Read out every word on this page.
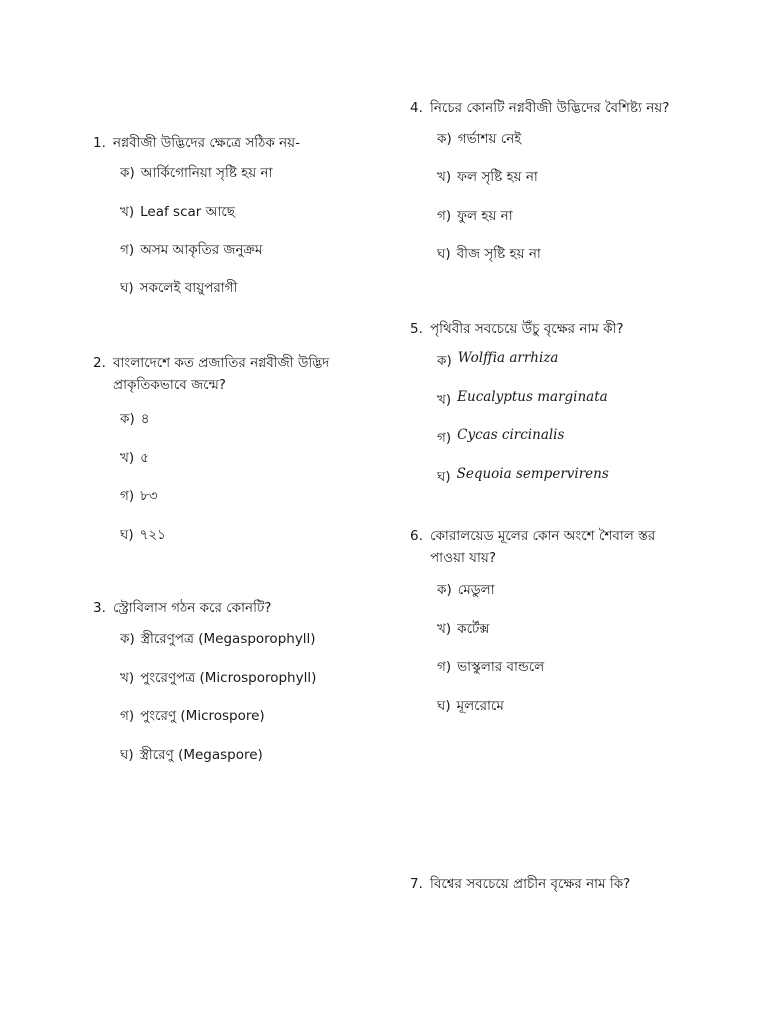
1. নগ্নবীজী উদ্ভিদের ক্ষেত্রে সঠিক নয়-
ক) আর্কিগোনিয়া সৃষ্টি হয় না
খ) Leaf scar আছে
গ) অসম আকৃতির জনুক্রম
ঘ) সকলেই বায়ুপরাগী
2. বাংলাদেশে কত প্রজাতির নগ্নবীজী উদ্ভিদ
প্রাকৃতিকভাবে জন্মে?
ক) ৪
খ) ৫
গ) ৮৩
ঘ) ৭২১
3. স্ট্রোবিলাস গঠন করে কোনটি?
ক) স্ত্রীরেণুপত্র (Megasporophyll)
খ) পুংরেণুপত্র (Microsporophyll)
গ) পুংরেণু (Microspore)
ঘ) স্ত্রীরেণু (Megaspore)
4. নিচের কোনটি নগ্নবীজী উদ্ভিদের বৈশিষ্ট্য নয়?
ক) গর্ভাশয় নেই
খ) ফল সৃষ্টি হয় না
গ) ফুল হয় না
ঘ) বীজ সৃষ্টি হয় না
5. পৃথিবীর সবচেয়ে উঁচু বৃক্ষের নাম কী?
ক) Wolffia arrhiza
খ) Eucalyptus marginata
গ) Cycas circinalis
ঘ) Sequoia sempervirens
6. কোরালয়েড মূলের কোন অংশে শৈবাল স্তর
পাওয়া যায়?
ক) মেডুলা
খ) কর্টেক্স
গ) ভাস্কুলার বান্ডলে
ঘ) মূলরোমে
7. বিশ্বের সবচেয়ে প্রাচীন বৃক্ষের নাম কি?
